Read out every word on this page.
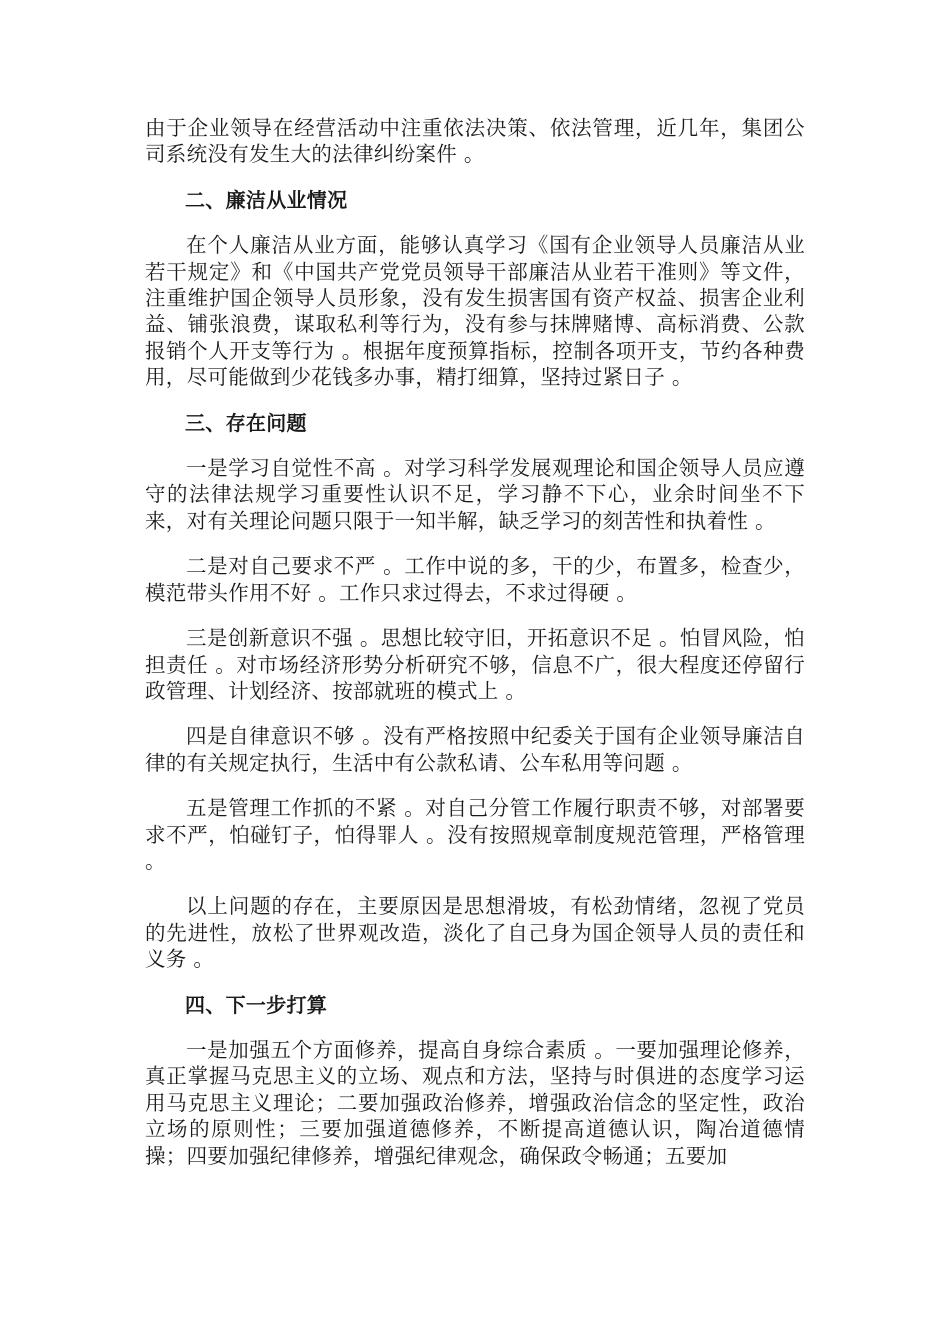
由于企业领导在经营活动中注重依法决策、依法管理，近几年，集团公司系统没有发生大的法律纠纷案件 。

二、廉洁从业情况

在个人廉洁从业方面，能够认真学习《国有企业领导人员廉洁从业若干规定》和《中国共产党党员领导干部廉洁从业若干准则》等文件，注重维护国企领导人员形象，没有发生损害国有资产权益、损害企业利益、铺张浪费，谋取私利等行为，没有参与抹牌赌博、高标消费、公款报销个人开支等行为 。根据年度预算指标，控制各项开支，节约各种费用，尽可能做到少花钱多办事，精打细算，坚持过紧日子 。

三、存在问题

一是学习自觉性不高 。对学习科学发展观理论和国企领导人员应遵守的法律法规学习重要性认识不足，学习静不下心，业余时间坐不下来，对有关理论问题只限于一知半解，缺乏学习的刻苦性和执着性 。

二是对自己要求不严 。工作中说的多，干的少，布置多，检查少，模范带头作用不好 。工作只求过得去，不求过得硬 。

三是创新意识不强 。思想比较守旧，开拓意识不足 。怕冒风险，怕担责任 。对市场经济形势分析研究不够，信息不广，很大程度还停留行政管理、计划经济、按部就班的模式上 。

四是自律意识不够 。没有严格按照中纪委关于国有企业领导廉洁自律的有关规定执行，生活中有公款私请、公车私用等问题 。

五是管理工作抓的不紧 。对自己分管工作履行职责不够，对部署要求不严，怕碰钉子，怕得罪人 。没有按照规章制度规范管理，严格管理 。

以上问题的存在，主要原因是思想滑坡，有松劲情绪，忽视了党员的先进性，放松了世界观改造，淡化了自己身为国企领导人员的责任和义务 。

四、下一步打算

一是加强五个方面修养，提高自身综合素质 。一要加强理论修养，真正掌握马克思主义的立场、观点和方法，坚持与时俱进的态度学习运用马克思主义理论；二要加强政治修养，增强政治信念的坚定性，政治立场的原则性；三要加强道德修养，不断提高道德认识，陶冶道德情操；四要加强纪律修养，增强纪律观念，确保政令畅通；五要加
